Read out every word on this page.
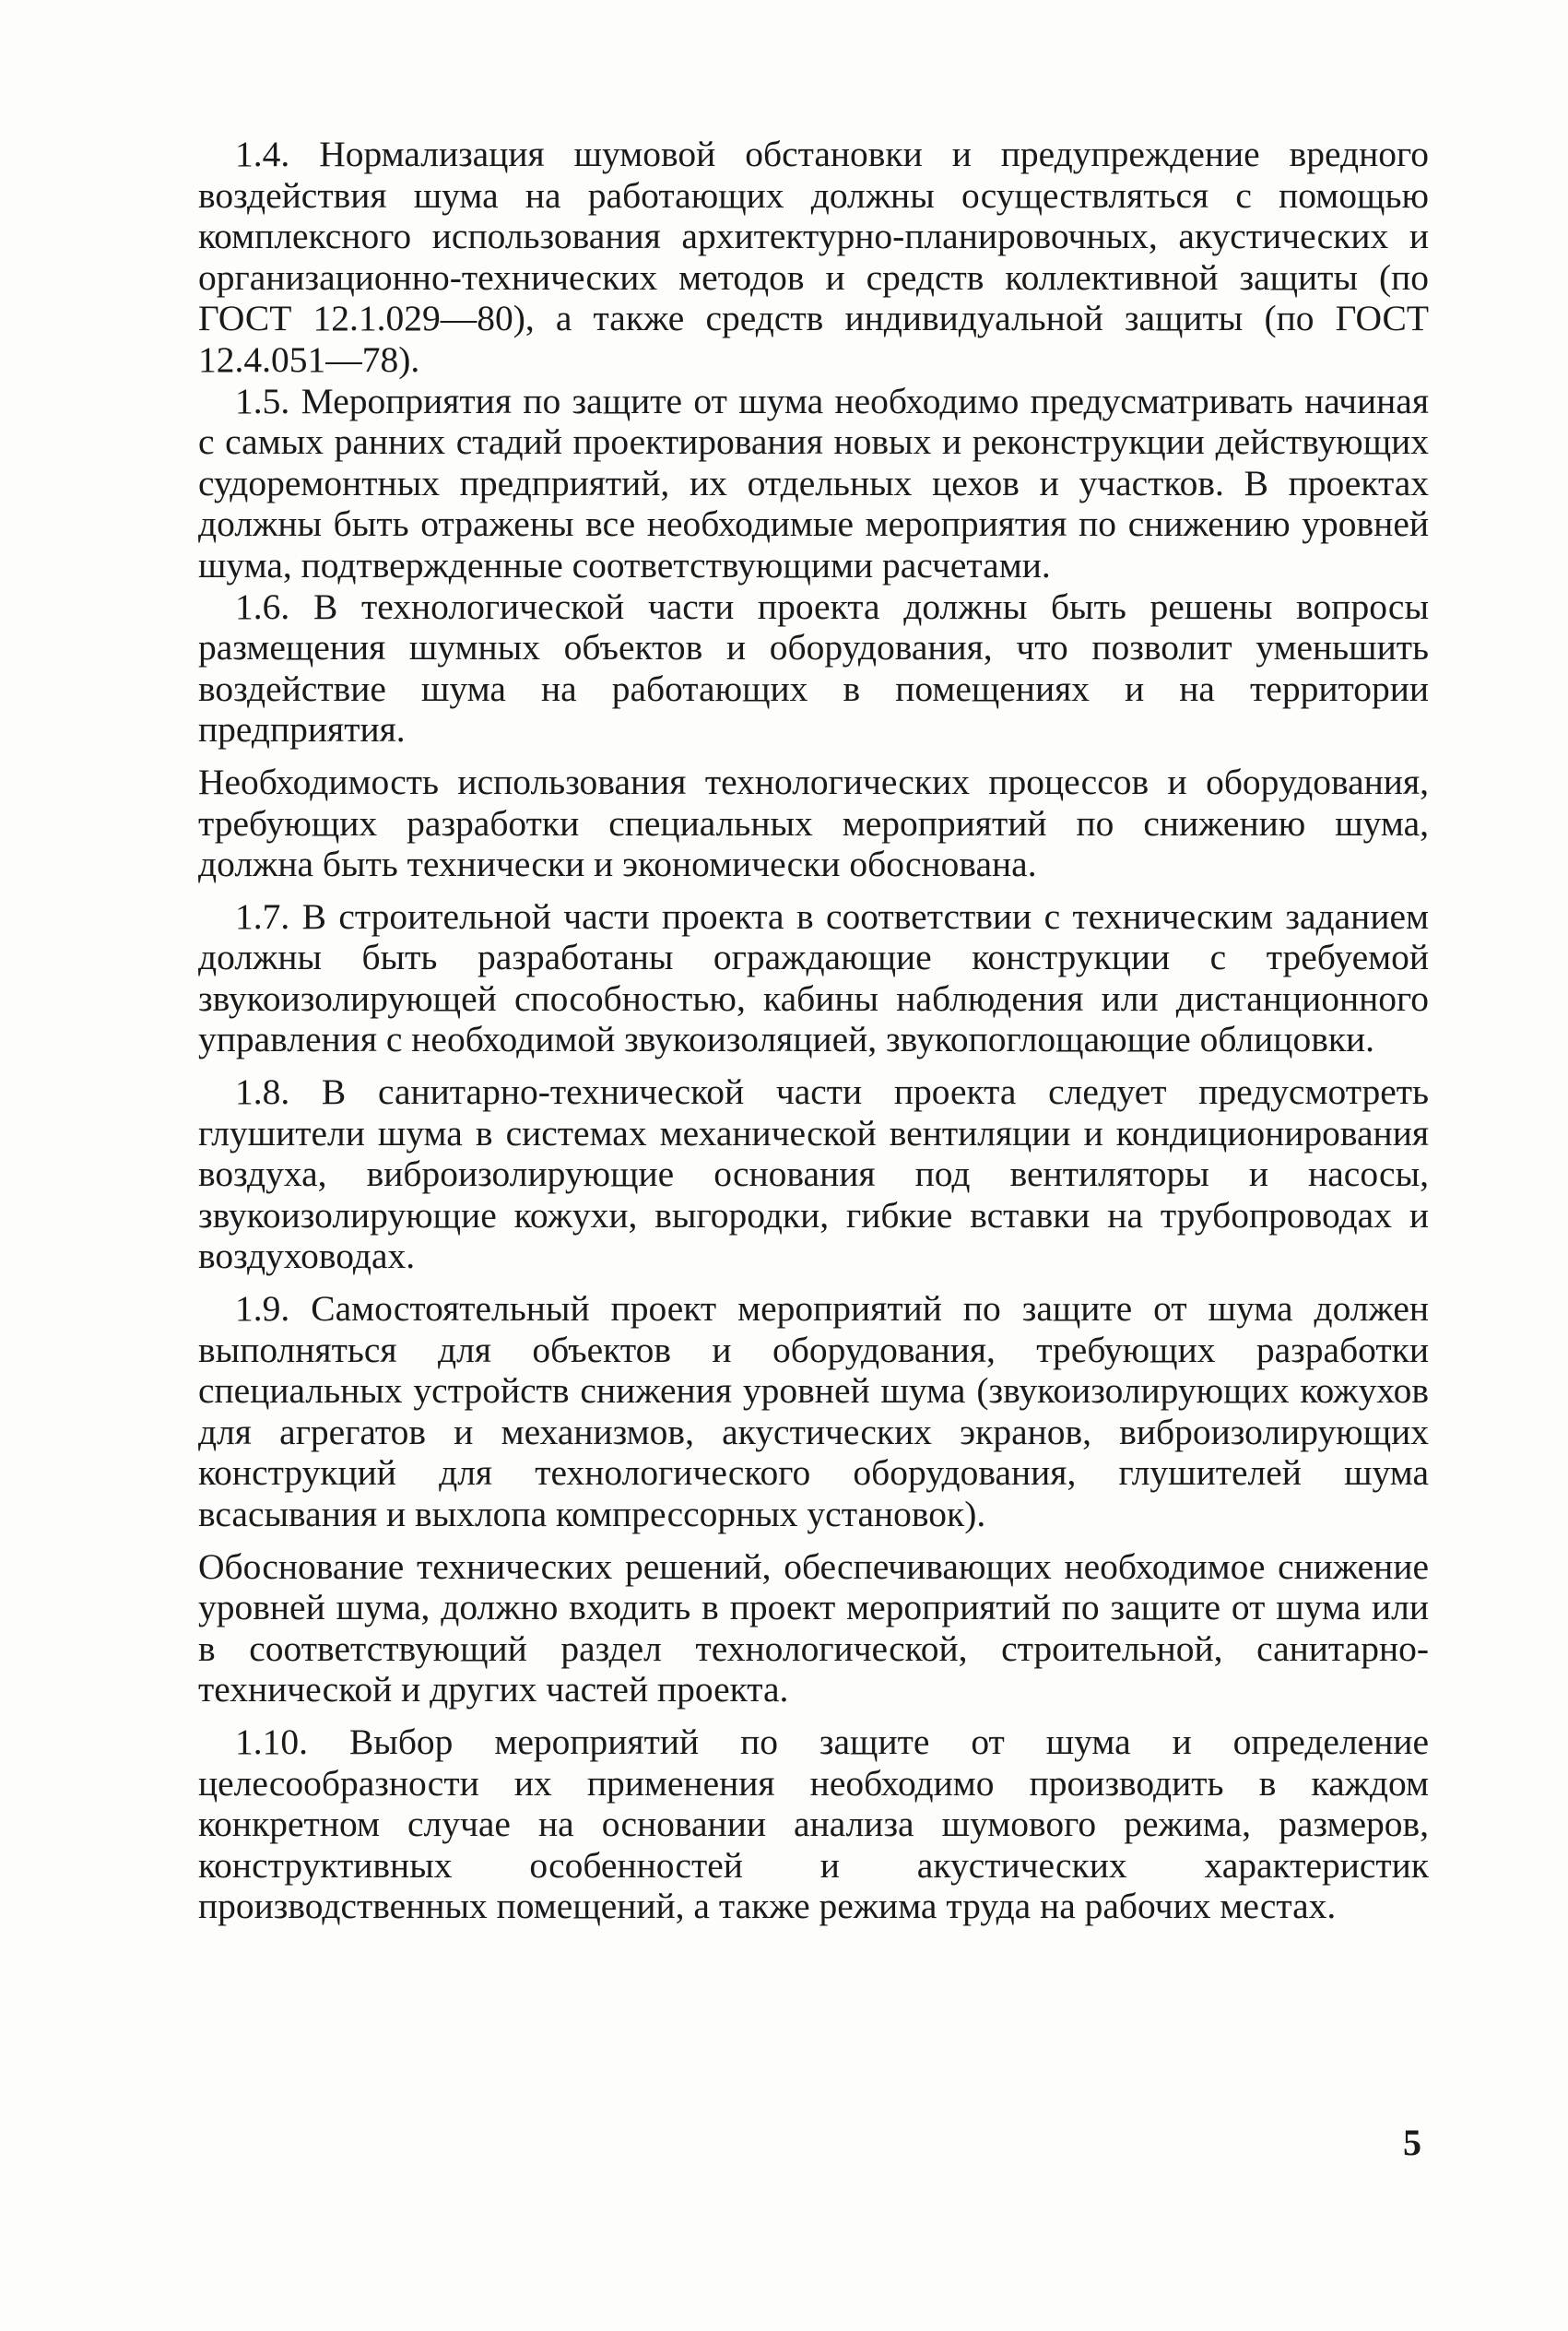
1.4. Нормализация шумовой обстановки и предупреждение вредного воздействия шума на работающих должны осуществляться с помощью комплексного использования архитектурно-планировочных, акустических и организационно-технических методов и средств коллективной защиты (по ГОСТ 12.1.029—80), а также средств индивидуальной защиты (по ГОСТ 12.4.051—78).

1.5. Мероприятия по защите от шума необходимо предусматривать начиная с самых ранних стадий проектирования новых и реконструкции действующих судоремонтных предприятий, их отдельных цехов и участков. В проектах должны быть отражены все необходимые мероприятия по снижению уровней шума, подтвержденные соответствующими расчетами.

1.6. В технологической части проекта должны быть решены вопросы размещения шумных объектов и оборудования, что позволит уменьшить воздействие шума на работающих в помещениях и на территории предприятия.

Необходимость использования технологических процессов и оборудования, требующих разработки специальных мероприятий по снижению шума, должна быть технически и экономически обоснована.

1.7. В строительной части проекта в соответствии с техническим заданием должны быть разработаны ограждающие конструкции с требуемой звукоизолирующей способностью, кабины наблюдения или дистанционного управления с необходимой звукоизоляцией, звукопоглощающие облицовки.

1.8. В санитарно-технической части проекта следует предусмотреть глушители шума в системах механической вентиляции и кондиционирования воздуха, виброизолирующие основания под вентиляторы и насосы, звукоизолирующие кожухи, выгородки, гибкие вставки на трубопроводах и воздуховодах.

1.9. Самостоятельный проект мероприятий по защите от шума должен выполняться для объектов и оборудования, требующих разработки специальных устройств снижения уровней шума (звукоизолирующих кожухов для агрегатов и механизмов, акустических экранов, виброизолирующих конструкций для технологического оборудования, глушителей шума всасывания и выхлопа компрессорных установок).

Обоснование технических решений, обеспечивающих необходимое снижение уровней шума, должно входить в проект мероприятий по защите от шума или в соответствующий раздел технологической, строительной, санитарно-технической и других частей проекта.

1.10. Выбор мероприятий по защите от шума и определение целесообразности их применения необходимо производить в каждом конкретном случае на основании анализа шумового режима, размеров, конструктивных особенностей и акустических характеристик производственных помещений, а также режима труда на рабочих местах.

5
